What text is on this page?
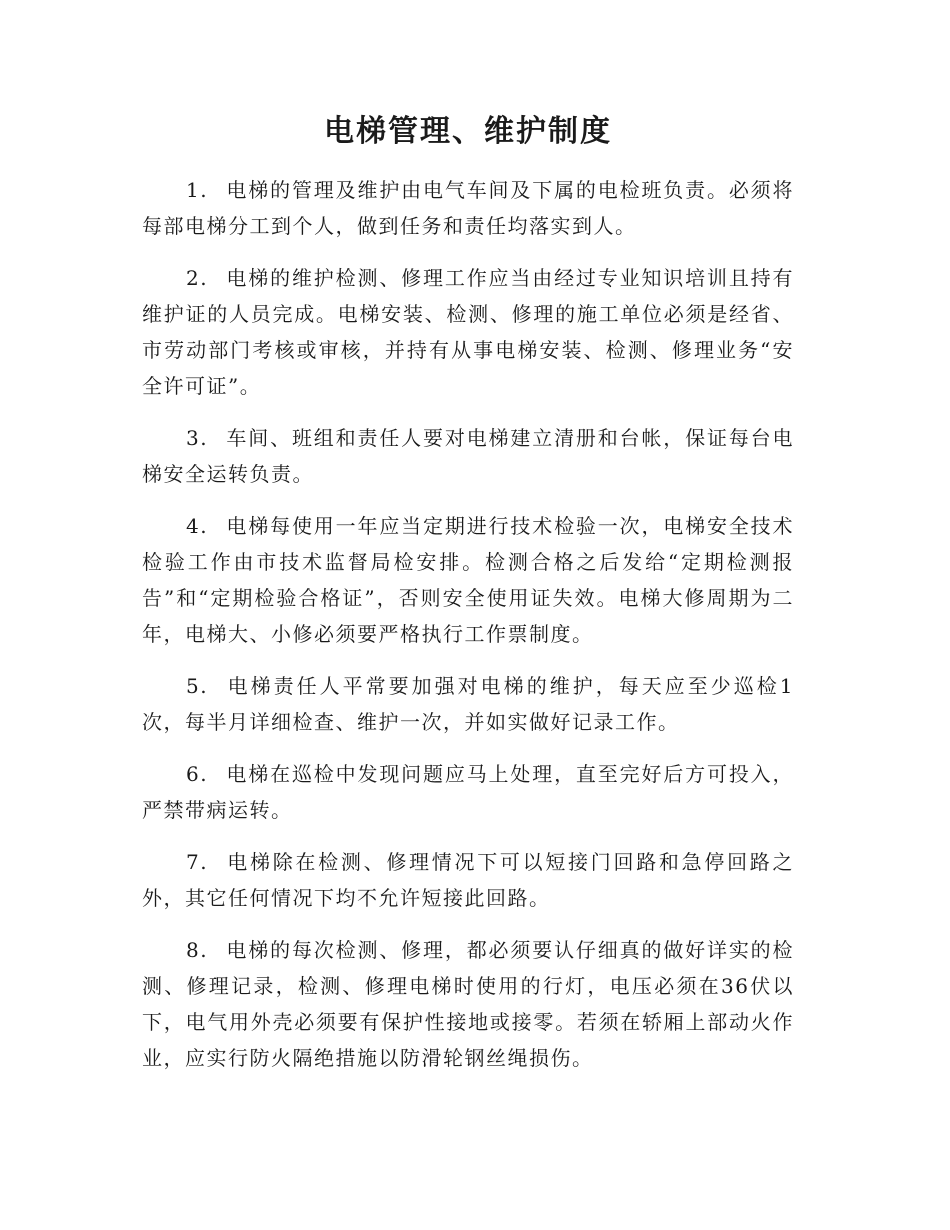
电梯管理、维护制度

1. 电梯的管理及维护由电气车间及下属的电检班负责。必须将每部电梯分工到个人，做到任务和责任均落实到人。

2. 电梯的维护检测、修理工作应当由经过专业知识培训且持有维护证的人员完成。电梯安装、检测、修理的施工单位必须是经省、市劳动部门考核或审核，并持有从事电梯安装、检测、修理业务“安全许可证”。

3. 车间、班组和责任人要对电梯建立清册和台帐，保证每台电梯安全运转负责。

4. 电梯每使用一年应当定期进行技术检验一次，电梯安全技术检验工作由市技术监督局检安排。检测合格之后发给“定期检测报告”和“定期检验合格证”，否则安全使用证失效。电梯大修周期为二年，电梯大、小修必须要严格执行工作票制度。

5. 电梯责任人平常要加强对电梯的维护，每天应至少巡检1次，每半月详细检查、维护一次，并如实做好记录工作。

6. 电梯在巡检中发现问题应马上处理，直至完好后方可投入，严禁带病运转。

7. 电梯除在检测、修理情况下可以短接门回路和急停回路之外，其它任何情况下均不允许短接此回路。

8. 电梯的每次检测、修理，都必须要认仔细真的做好详实的检测、修理记录，检测、修理电梯时使用的行灯，电压必须在36伏以下，电气用外壳必须要有保护性接地或接零。若须在轿厢上部动火作业，应实行防火隔绝措施以防滑轮钢丝绳损伤。
